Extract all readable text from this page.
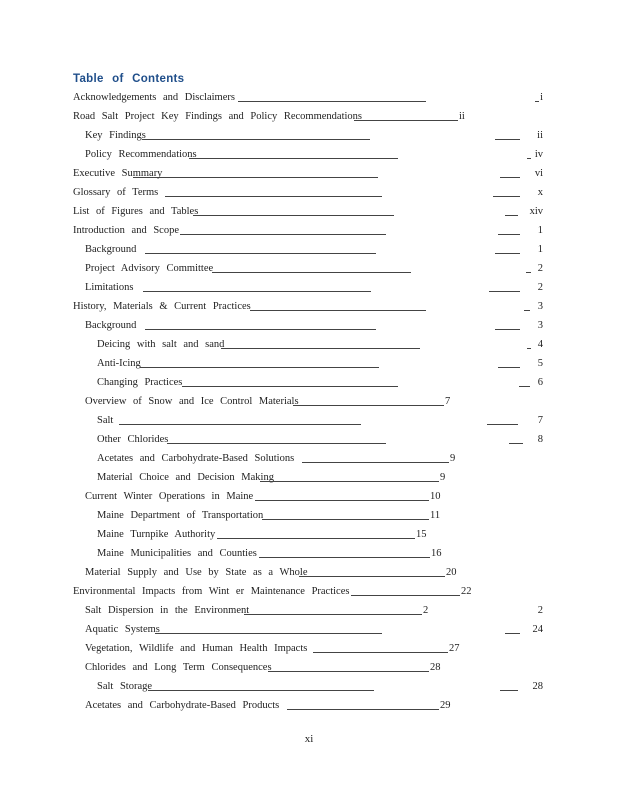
Table of Contents
Acknowledgements and Disclaimers	i
Road Salt Project Key Findings and Policy Recommendations	ii
Key Findings	ii
Policy Recommendations	iv
Executive Summary	vi
Glossary of Terms	x
List of Figures and Tables	xiv
Introduction and Scope	1
Background	1
Project Advisory Committee	2
Limitations	2
History, Materials & Current Practices	3
Background	3
Deicing with salt and sand	4
Anti-Icing	5
Changing Practices	6
Overview of Snow and Ice Control Materials	7
Salt	7
Other Chlorides	8
Acetates and Carbohydrate-Based Solutions	9
Material Choice and Decision Making	9
Current Winter Operations in Maine	10
Maine Department of Transportation	11
Maine Turnpike Authority	15
Maine Municipalities and Counties	16
Material Supply and Use by State as a Whole	20
Environmental Impacts from Wint er Maintenance Practices	22
Salt Dispersion in the Environment	2	2
Aquatic Systems	24
Vegetation, Wildlife and Human Health Impacts	27
Chlorides and Long Term Consequences	28
Salt Storage	28
Acetates and Carbohydrate-Based Products	29
xi
